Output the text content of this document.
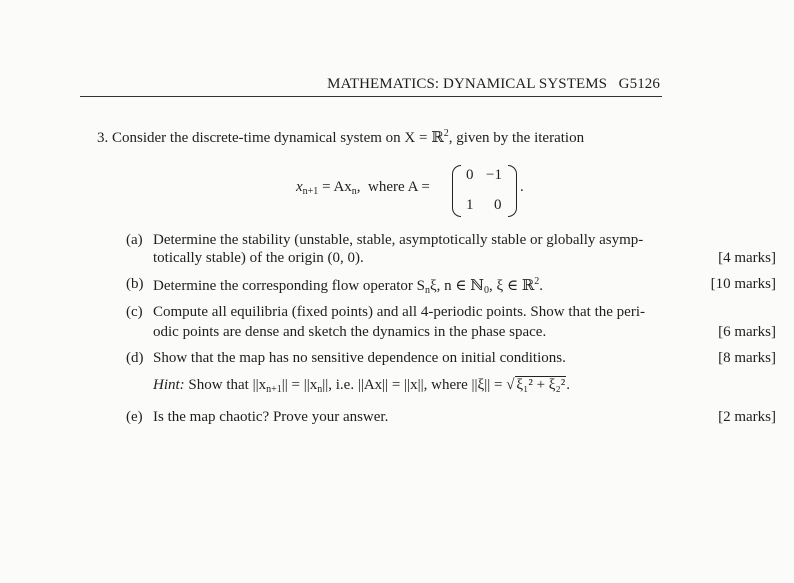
MATHEMATICS: DYNAMICAL SYSTEMS   G5126
3. Consider the discrete-time dynamical system on X = ℝ$^2$, given by the iteration
$x_{n+1} = Ax_n$,  where A =
0 −1
1 0
.
(a) Determine the stability (unstable, stable, asymptotically stable or globally asymp-
totically stable) of the origin (0, 0).	[4 marks]
(b) Determine the corresponding flow operator $S_n\xi$, n ∈ ℕ$_0$, ξ ∈ ℝ$^2$.	[10 marks]
(c) Compute all equilibria (fixed points) and all 4-periodic points. Show that the peri-
odic points are dense and sketch the dynamics in the phase space.	[6 marks]
(d) Show that the map has no sensitive dependence on initial conditions.	[8 marks]
Hint: Show that $||x_{n+1}|| = ||x_n||$, i.e. ||Ax|| = ||x||, where ||ξ|| = √ ξ₁² + ξ₂².
(e) Is the map chaotic? Prove your answer.	[2 marks]
